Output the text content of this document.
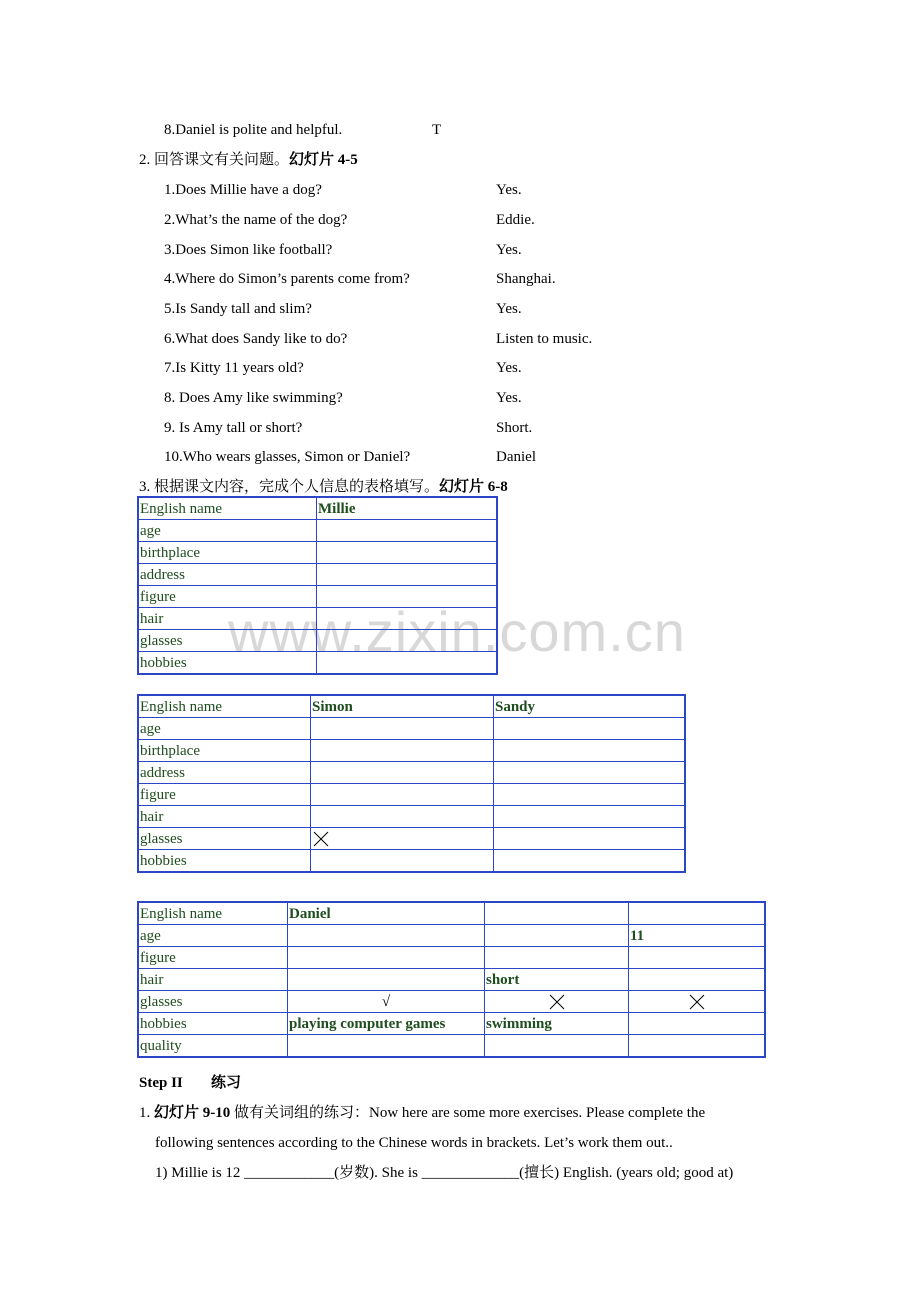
www.zixin.com.cn
8.Daniel is polite and helpful.	T
2. 回答课文有关问题。幻灯片 4-5
1.Does Millie have a dog?	Yes.
2.What’s the name of the dog?	Eddie.
3.Does Simon like football?	Yes.
4.Where do Simon’s parents come from?	Shanghai.
5.Is Sandy tall and slim?	Yes.
6.What does Sandy like to do?	Listen to music.
7.Is Kitty 11 years old?	Yes.
8. Does Amy like swimming?	Yes.
9. Is Amy tall or short?	Short.
10.Who wears glasses, Simon or Daniel?	Daniel
3. 根据课文内容，完成个人信息的表格填写。幻灯片 6-8
English name	Millie
age	
birthplace	
address	
figure	
hair	
glasses	
hobbies	
English name	Simon	Sandy
age		
birthplace		
address		
figure		
hair		
glasses		
hobbies		
English name	Daniel		
age			11
figure			
hair		short	
glasses	√		
hobbies	playing computer games	swimming	
quality			
Step II 练习
1. 幻灯片 9-10 做有关词组的练习：Now here are some more exercises. Please complete the
following sentences according to the Chinese words in brackets. Let’s work them out..
1) Millie is 12 ____________(岁数). She is _____________(擅长) English. (years old; good at)
